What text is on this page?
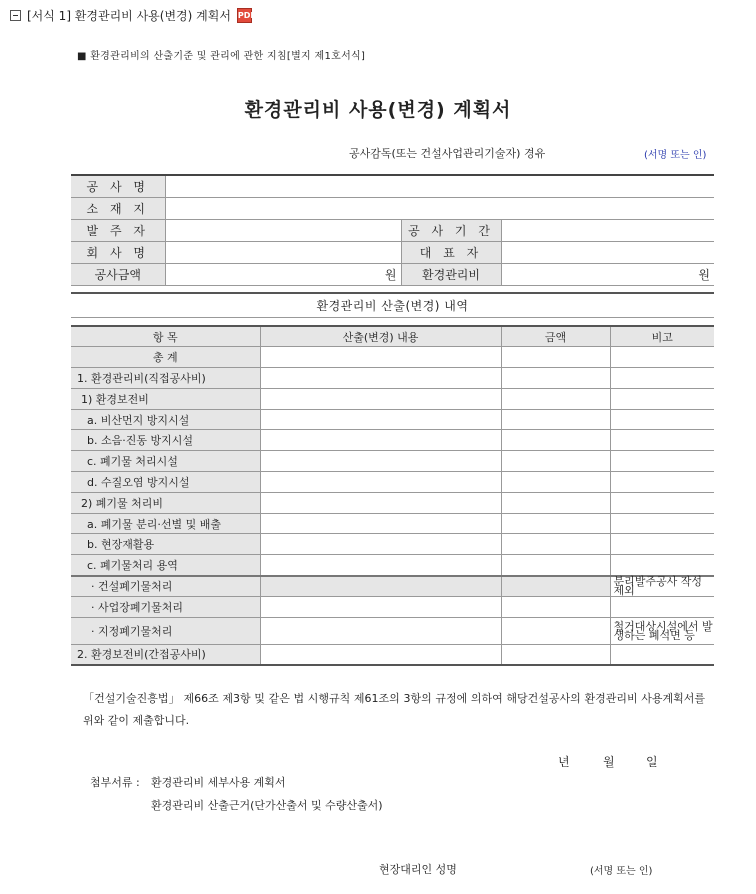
[서식 1] 환경관리비 사용(변경) 계획서 PDF
■ 환경관리비의 산출기준 및 관리에 관한 지침[별지 제1호서식]
환경관리비 사용(변경) 계획서
공사감독(또는 건설사업관리기술자) 경유	(서명 또는 인)
공 사 명			
소 재 지			
발 주 자		공 사 기 간	
회 사 명		대 표 자	
공사금액	원	환경관리비	원
환경관리비 산출(변경) 내역
항 목	산출(변경) 내용	금액	비고
총 계			
1. 환경관리비(직접공사비)			
1) 환경보전비			
a. 비산먼지 방지시설			
b. 소음·진동 방지시설			
c. 폐기물 처리시설			
d. 수질오염 방지시설			
2) 폐기물 처리비			
a. 폐기물 분리·선별 및 배출			
b. 현장재활용			
c. 폐기물처리 용역			
· 건설폐기물처리			분리발주공사 작성 제외
· 사업장폐기물처리			
· 지정폐기물처리			철거대상시설에서 발생하는 폐석면 등
2. 환경보전비(간접공사비)			
「건설기술진흥법」 제66조 제3항 및 같은 법 시행규칙 제61조의 3항의 규정에 의하여 해당건설공사의 환경관리비 사용계획서를 위와 같이 제출합니다.
년	월	일
첨부서류 : 환경관리비 세부사용 계획서
환경관리비 산출근거(단가산출서 및 수량산출서)
현장대리인 성명	(서명 또는 인)
